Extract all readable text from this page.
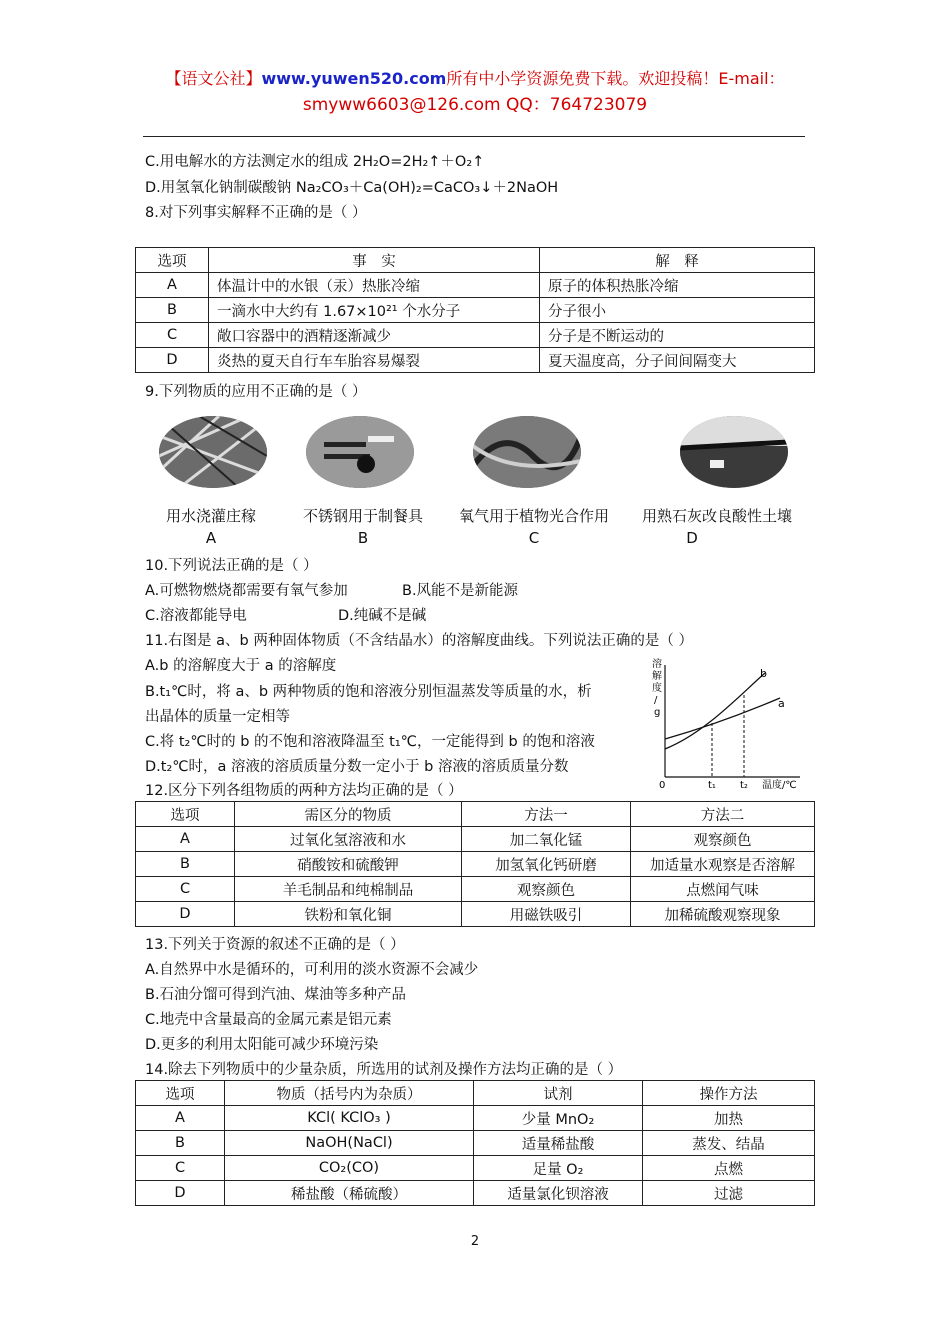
【语文公社】www.yuwen520.com所有中小学资源免费下载。欢迎投稿！E-mail：
smyww6603@126.com QQ：764723079
C.用电解水的方法测定水的组成 2H₂O=2H₂↑＋O₂↑
D.用氢氧化钠制碳酸钠 Na₂CO₃＋Ca(OH)₂=CaCO₃↓＋2NaOH
8.对下列事实解释不正确的是（ ）
选项	事　实	解　释
A	体温计中的水银（汞）热胀冷缩	原子的体积热胀冷缩
B	一滴水中大约有 1.67×10²¹ 个水分子	分子很小
C	敞口容器中的酒精逐渐减少	分子是不断运动的
D	炎热的夏天自行车车胎容易爆裂	夏天温度高，分子间间隔变大
9.下列物质的应用不正确的是（ ）
用水浇灌庄稼	不锈钢用于制餐具	氧气用于植物光合作用	用熟石灰改良酸性土壤
A	B	C	D
10.下列说法正确的是（ ）
A.可燃物燃烧都需要有氧气参加	B.风能不是新能源
C.溶液都能导电	D.纯碱不是碱
11.右图是 a、b 两种固体物质（不含结晶水）的溶解度曲线。下列说法正确的是（ ）
A.b 的溶解度大于 a 的溶解度
B.t₁℃时，将 a、b 两种物质的饱和溶液分别恒温蒸发等质量的水，析
出晶体的质量一定相等
C.将 t₂℃时的 b 的不饱和溶液降温至 t₁℃，一定能得到 b 的饱和溶液
D.t₂℃时，a 溶液的溶质质量分数一定小于 b 溶液的溶质质量分数
溶
解
度
/
g
0	t₁ t₂ 温度/℃
b
a
12.区分下列各组物质的两种方法均正确的是（ ）
选项	需区分的物质	方法一	方法二
A	过氧化氢溶液和水	加二氧化锰	观察颜色
B	硝酸铵和硫酸钾	加氢氧化钙研磨	加适量水观察是否溶解
C	羊毛制品和纯棉制品	观察颜色	点燃闻气味
D	铁粉和氧化铜	用磁铁吸引	加稀硫酸观察现象
13.下列关于资源的叙述不正确的是（ ）
A.自然界中水是循环的，可利用的淡水资源不会减少
B.石油分馏可得到汽油、煤油等多种产品
C.地壳中含量最高的金属元素是铝元素
D.更多的利用太阳能可减少环境污染
14.除去下列物质中的少量杂质，所选用的试剂及操作方法均正确的是（ ）
选项	物质（括号内为杂质）	试剂	操作方法
A	KCl( KClO₃ )	少量 MnO₂	加热
B	NaOH(NaCl)	适量稀盐酸	蒸发、结晶
C	CO₂(CO)	足量 O₂	点燃
D	稀盐酸（稀硫酸）	适量氯化钡溶液	过滤
2
